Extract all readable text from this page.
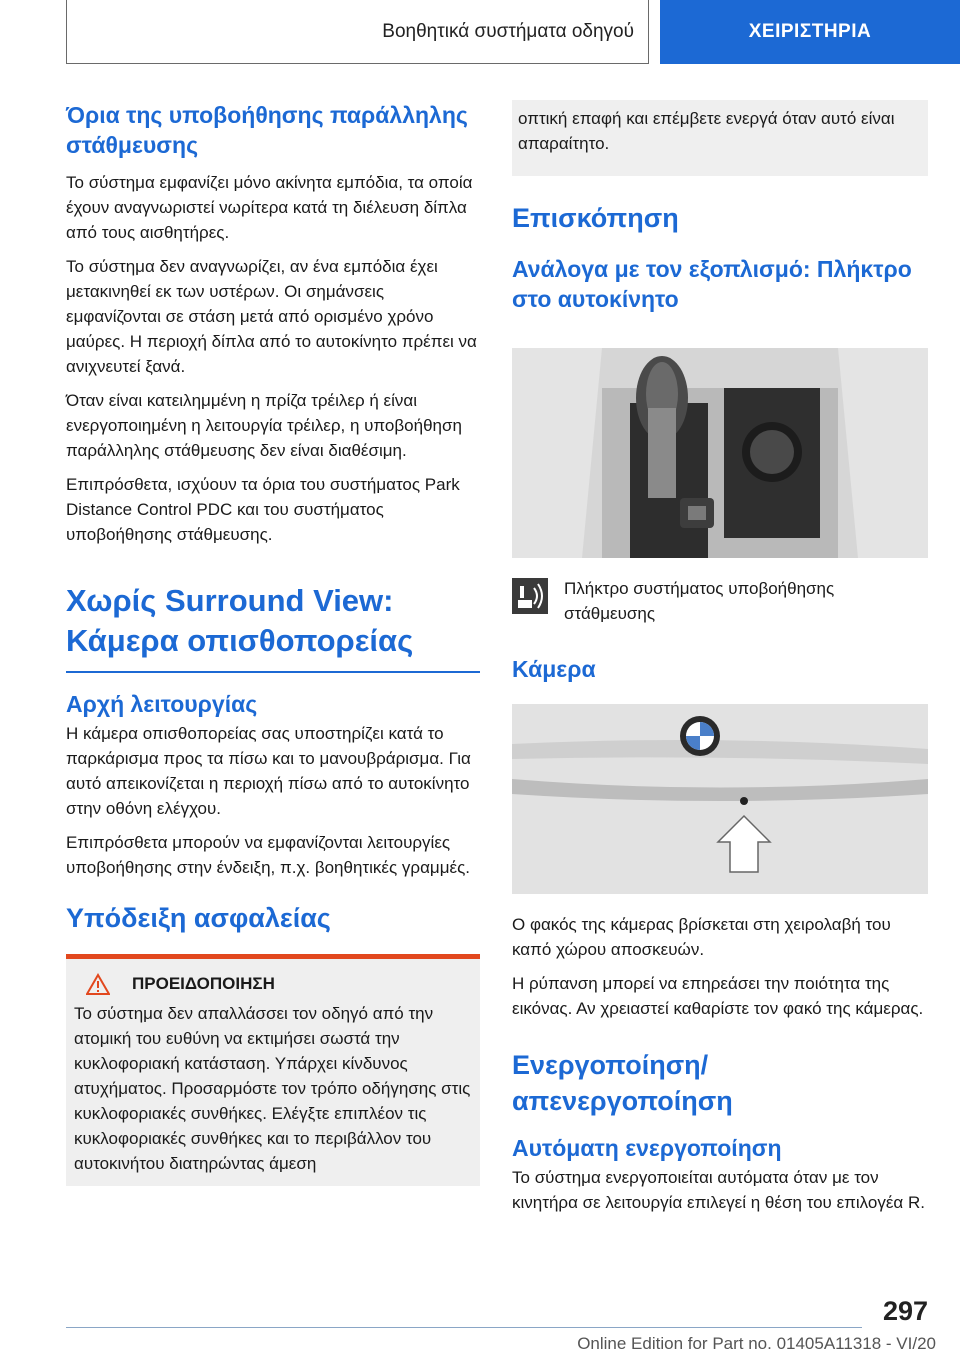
Βοηθητικά συστήματα οδηγού	ΧΕΙΡΙΣΤΗΡΙΑ
Όρια της υποβοήθησης παράλληλης στάθμευσης

Το σύστημα εμφανίζει μόνο ακίνητα εμπόδια, τα οποία έχουν αναγνωριστεί νωρίτερα κατά τη διέλευση δίπλα από τους αισθητήρες.

Το σύστημα δεν αναγνωρίζει, αν ένα εμπόδια έχει μετακινηθεί εκ των υστέρων. Οι σημάνσεις εμφανίζονται σε στάση μετά από ορισμένο χρόνο μαύρες. Η περιοχή δίπλα από το αυτοκίνητο πρέπει να ανιχνευτεί ξανά.

Όταν είναι κατειλημμένη η πρίζα τρέιλερ ή είναι ενεργοποιημένη η λειτουργία τρέιλερ, η υποβοήθηση παράλληλης στάθμευσης δεν είναι διαθέσιμη.

Επιπρόσθετα, ισχύουν τα όρια του συστήματος Park Distance Control PDC και του συστήματος υποβοήθησης στάθμευσης.

Χωρίς Surround View: Κάμερα οπισθοπορείας
Αρχή λειτουργίας

Η κάμερα οπισθοπορείας σας υποστηρίζει κατά το παρκάρισμα προς τα πίσω και το μανουβράρισμα. Για αυτό απεικονίζεται η περιοχή πίσω από το αυτοκίνητο στην οθόνη ελέγχου.

Επιπρόσθετα μπορούν να εμφανίζονται λειτουργίες υποβοήθησης στην ένδειξη, π.χ. βοηθητικές γραμμές.

Υπόδειξη ασφαλείας
ΠΡΟΕΙΔΟΠΟΙΗΣΗ

Το σύστημα δεν απαλλάσσει τον οδηγό από την ατομική του ευθύνη να εκτιμήσει σωστά την κυκλοφοριακή κατάσταση. Υπάρχει κίνδυνος ατυχήματος. Προσαρμόστε τον τρόπο οδήγησης στις κυκλοφοριακές συνθήκες. Ελέγξτε επιπλέον τις κυκλοφοριακές συνθήκες και το περιβάλλον του αυτοκινήτου διατηρώντας άμεση

οπτική επαφή και επέμβετε ενεργά όταν αυτό είναι απαραίτητο.

Επισκόπηση
Ανάλογα με τον εξοπλισμό: Πλήκτρο στο αυτοκίνητο

Πλήκτρο συστήματος υποβοήθησης στάθμευσης

Κάμερα

Ο φακός της κάμερας βρίσκεται στη χειρολαβή του καπό χώρου αποσκευών.

Η ρύπανση μπορεί να επηρεάσει την ποιότητα της εικόνας. Αν χρειαστεί καθαρίστε τον φακό της κάμερας.

Ενεργοποίηση/απενεργοποίηση
Αυτόματη ενεργοποίηση

Το σύστημα ενεργοποιείται αυτόματα όταν με τον κινητήρα σε λειτουργία επιλεγεί η θέση του επιλογέα R.

297
Online Edition for Part no. 01405A11318 - VI/20
